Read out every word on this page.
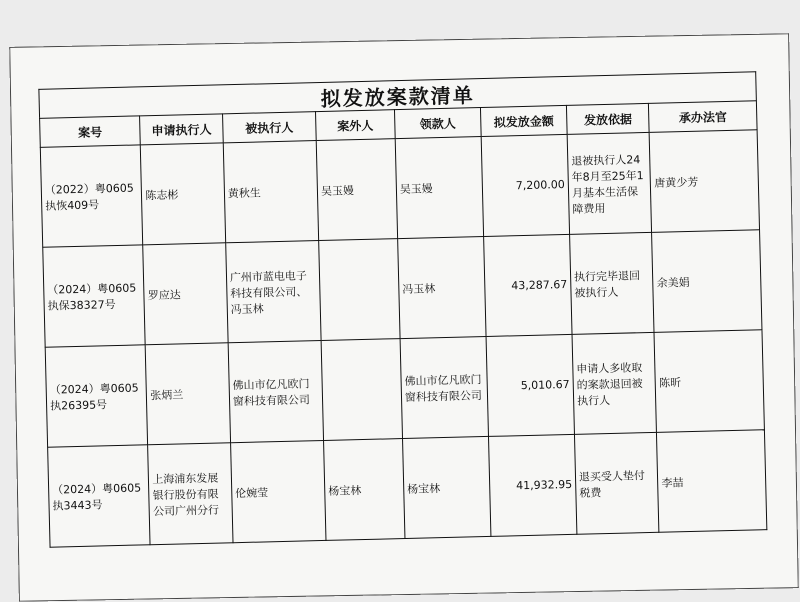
拟发放案款清单
案号	申请执行人	被执行人	案外人	领款人	拟发放金额	发放依据	承办法官
（2022）粤0605执恢409号	陈志彬	黄秋生	吴玉嫚	吴玉嫚	7,200.00	退被执行人24年8月至25年1月基本生活保障费用	唐黄少芳
（2024）粤0605执保38327号	罗应达	广州市蓝电电子科技有限公司、冯玉林		冯玉林	43,287.67	执行完毕退回被执行人	余美娟
（2024）粤0605执26395号	张炳兰	佛山市亿凡欧门窗科技有限公司		佛山市亿凡欧门窗科技有限公司	5,010.67	申请人多收取的案款退回被执行人	陈昕
（2024）粤0605执3443号	上海浦东发展银行股份有限公司广州分行	伦婉莹	杨宝林	杨宝林	41,932.95	退买受人垫付税费	李喆
